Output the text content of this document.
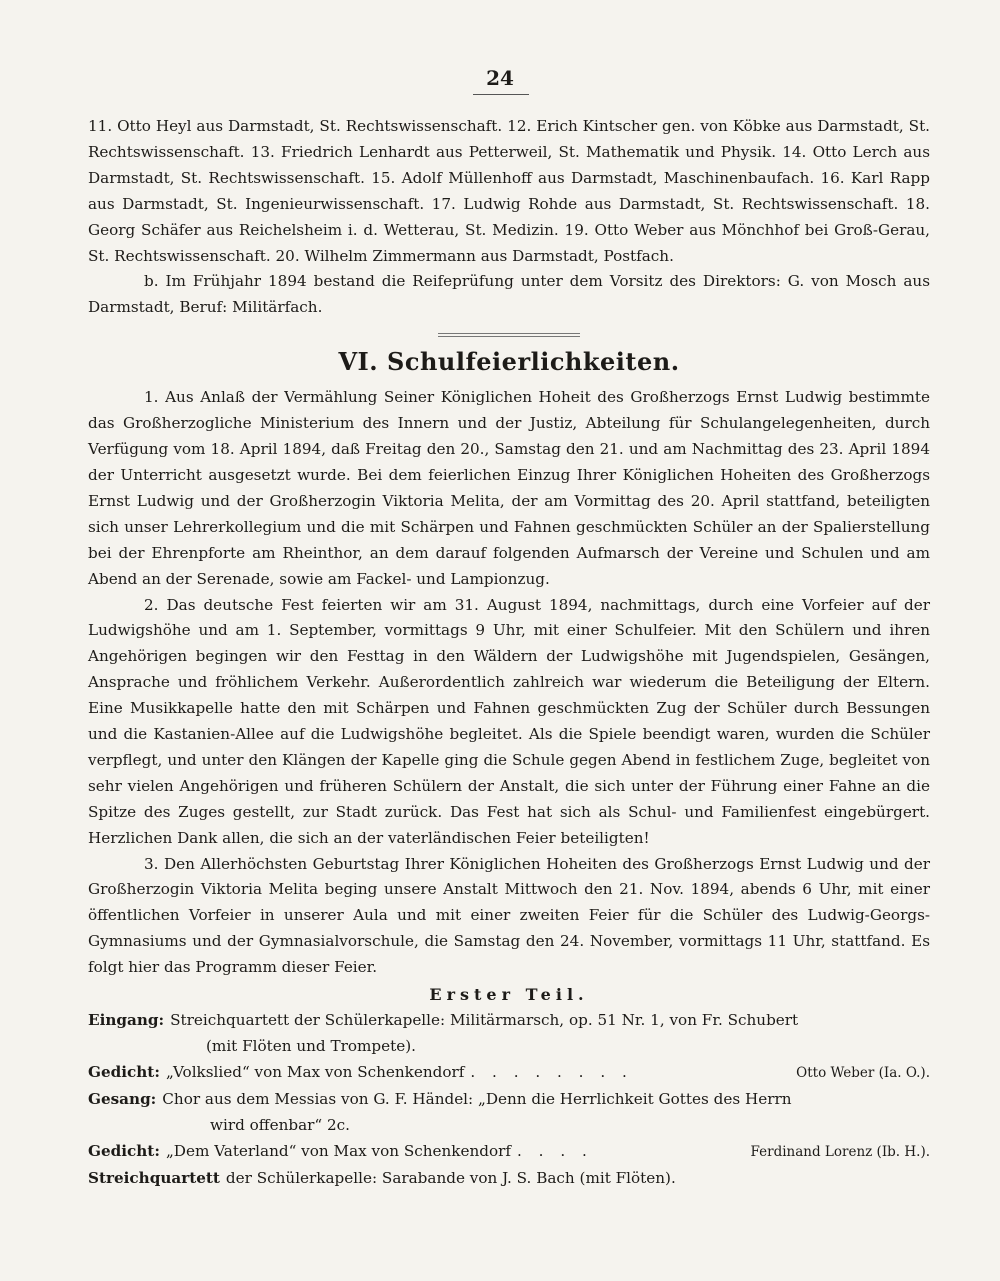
24

11. Otto Heyl aus Darmstadt, St. Rechtswissenschaft. 12. Erich Kintscher gen. von Köbke aus Darmstadt, St. Rechtswissenschaft. 13. Friedrich Lenhardt aus Petterweil, St. Mathematik und Physik. 14. Otto Lerch aus Darmstadt, St. Rechtswissenschaft. 15. Adolf Müllenhoff aus Darmstadt, Maschinenbaufach. 16. Karl Rapp aus Darmstadt, St. Ingenieurwissenschaft. 17. Ludwig Rohde aus Darmstadt, St. Rechtswissenschaft. 18. Georg Schäfer aus Reichelsheim i. d. Wetterau, St. Medizin. 19. Otto Weber aus Mönchhof bei Groß-Gerau, St. Rechtswissenschaft. 20. Wilhelm Zimmermann aus Darmstadt, Postfach.

b. Im Frühjahr 1894 bestand die Reifeprüfung unter dem Vorsitz des Direktors: G. von Mosch aus Darmstadt, Beruf: Militärfach.

VI. Schulfeierlichkeiten.

1. Aus Anlaß der Vermählung Seiner Königlichen Hoheit des Großherzogs Ernst Ludwig bestimmte das Großherzogliche Ministerium des Innern und der Justiz, Abteilung für Schulangelegenheiten, durch Verfügung vom 18. April 1894, daß Freitag den 20., Samstag den 21. und am Nachmittag des 23. April 1894 der Unterricht ausgesetzt wurde. Bei dem feierlichen Einzug Ihrer Königlichen Hoheiten des Großherzogs Ernst Ludwig und der Großherzogin Viktoria Melita, der am Vormittag des 20. April stattfand, beteiligten sich unser Lehrerkollegium und die mit Schärpen und Fahnen geschmückten Schüler an der Spalierstellung bei der Ehrenpforte am Rheinthor, an dem darauf folgenden Aufmarsch der Vereine und Schulen und am Abend an der Serenade, sowie am Fackel- und Lampionzug.

2. Das deutsche Fest feierten wir am 31. August 1894, nachmittags, durch eine Vorfeier auf der Ludwigshöhe und am 1. September, vormittags 9 Uhr, mit einer Schulfeier. Mit den Schülern und ihren Angehörigen begingen wir den Festtag in den Wäldern der Ludwigshöhe mit Jugendspielen, Gesängen, Ansprache und fröhlichem Verkehr. Außerordentlich zahlreich war wiederum die Beteiligung der Eltern. Eine Musikkapelle hatte den mit Schärpen und Fahnen geschmückten Zug der Schüler durch Bessungen und die Kastanien-Allee auf die Ludwigshöhe begleitet. Als die Spiele beendigt waren, wurden die Schüler verpflegt, und unter den Klängen der Kapelle ging die Schule gegen Abend in festlichem Zuge, begleitet von sehr vielen Angehörigen und früheren Schülern der Anstalt, die sich unter der Führung einer Fahne an die Spitze des Zuges gestellt, zur Stadt zurück. Das Fest hat sich als Schul- und Familienfest eingebürgert. Herzlichen Dank allen, die sich an der vaterländischen Feier beteiligten!

3. Den Allerhöchsten Geburtstag Ihrer Königlichen Hoheiten des Großherzogs Ernst Ludwig und der Großherzogin Viktoria Melita beging unsere Anstalt Mittwoch den 21. Nov. 1894, abends 6 Uhr, mit einer öffentlichen Vorfeier in unserer Aula und mit einer zweiten Feier für die Schüler des Ludwig-Georgs-Gymnasiums und der Gymnasialvorschule, die Samstag den 24. November, vormittags 11 Uhr, stattfand. Es folgt hier das Programm dieser Feier.

Erster Teil.
Eingang: Streichquartett der Schülerkapelle: Militärmarsch, op. 51 Nr. 1, von Fr. Schubert
(mit Flöten und Trompete).
Gedicht: „Volkslied“ von Max von Schenkendorf . . . . . . . .	Otto Weber (Ia. O.).
Gesang: Chor aus dem Messias von G. F. Händel: „Denn die Herrlichkeit Gottes des Herrn
wird offenbar“ 2c.
Gedicht: „Dem Vaterland“ von Max von Schenkendorf . . . .	Ferdinand Lorenz (Ib. H.).
Streichquartett der Schülerkapelle: Sarabande von J. S. Bach (mit Flöten).
